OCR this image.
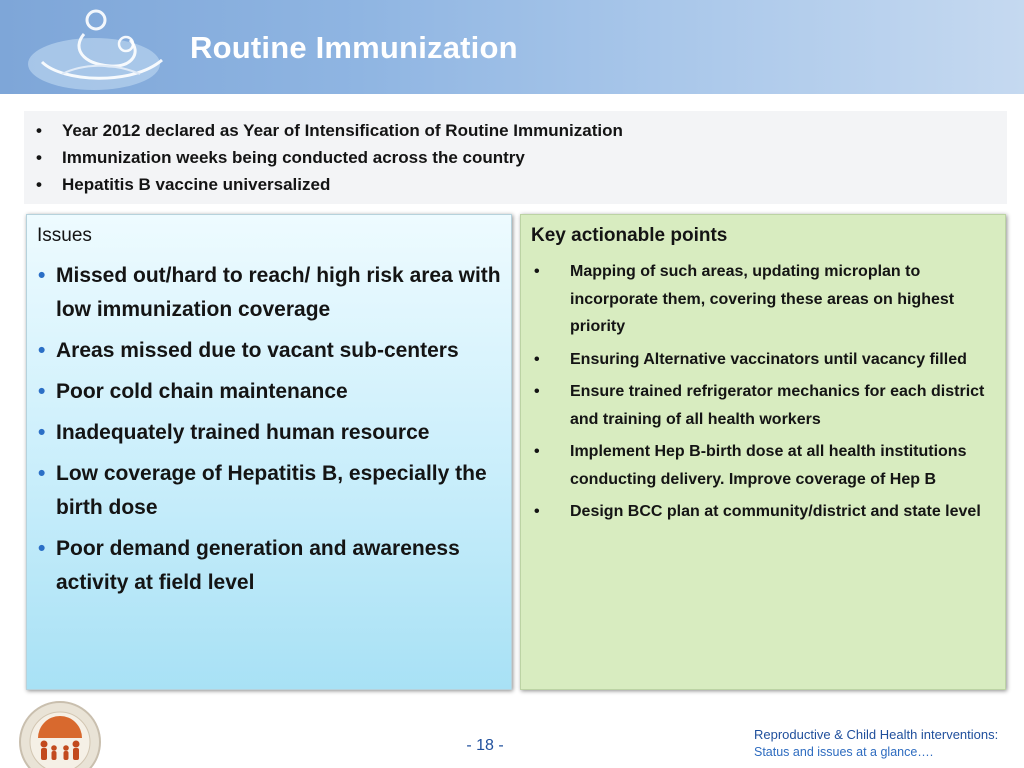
Routine Immunization
• Year 2012 declared as Year of Intensification of Routine Immunization
• Immunization weeks being conducted across the country
• Hepatitis B vaccine universalized
Issues
• Missed out/hard to reach/ high risk area with low immunization coverage
• Areas missed due to vacant sub-centers
• Poor cold chain maintenance
• Inadequately trained human resource
• Low coverage of Hepatitis B, especially the birth dose
• Poor demand generation and awareness activity at field level
Key actionable points
• Mapping of such areas, updating microplan to incorporate them, covering these areas on highest priority
• Ensuring Alternative vaccinators until vacancy filled
• Ensure trained refrigerator mechanics for each district and training of all health workers
• Implement Hep B-birth dose at all health institutions conducting delivery. Improve coverage of Hep B
• Design BCC plan at community/district and state level
- 18 -
Reproductive & Child Health interventions:
Status and issues at a glance….
